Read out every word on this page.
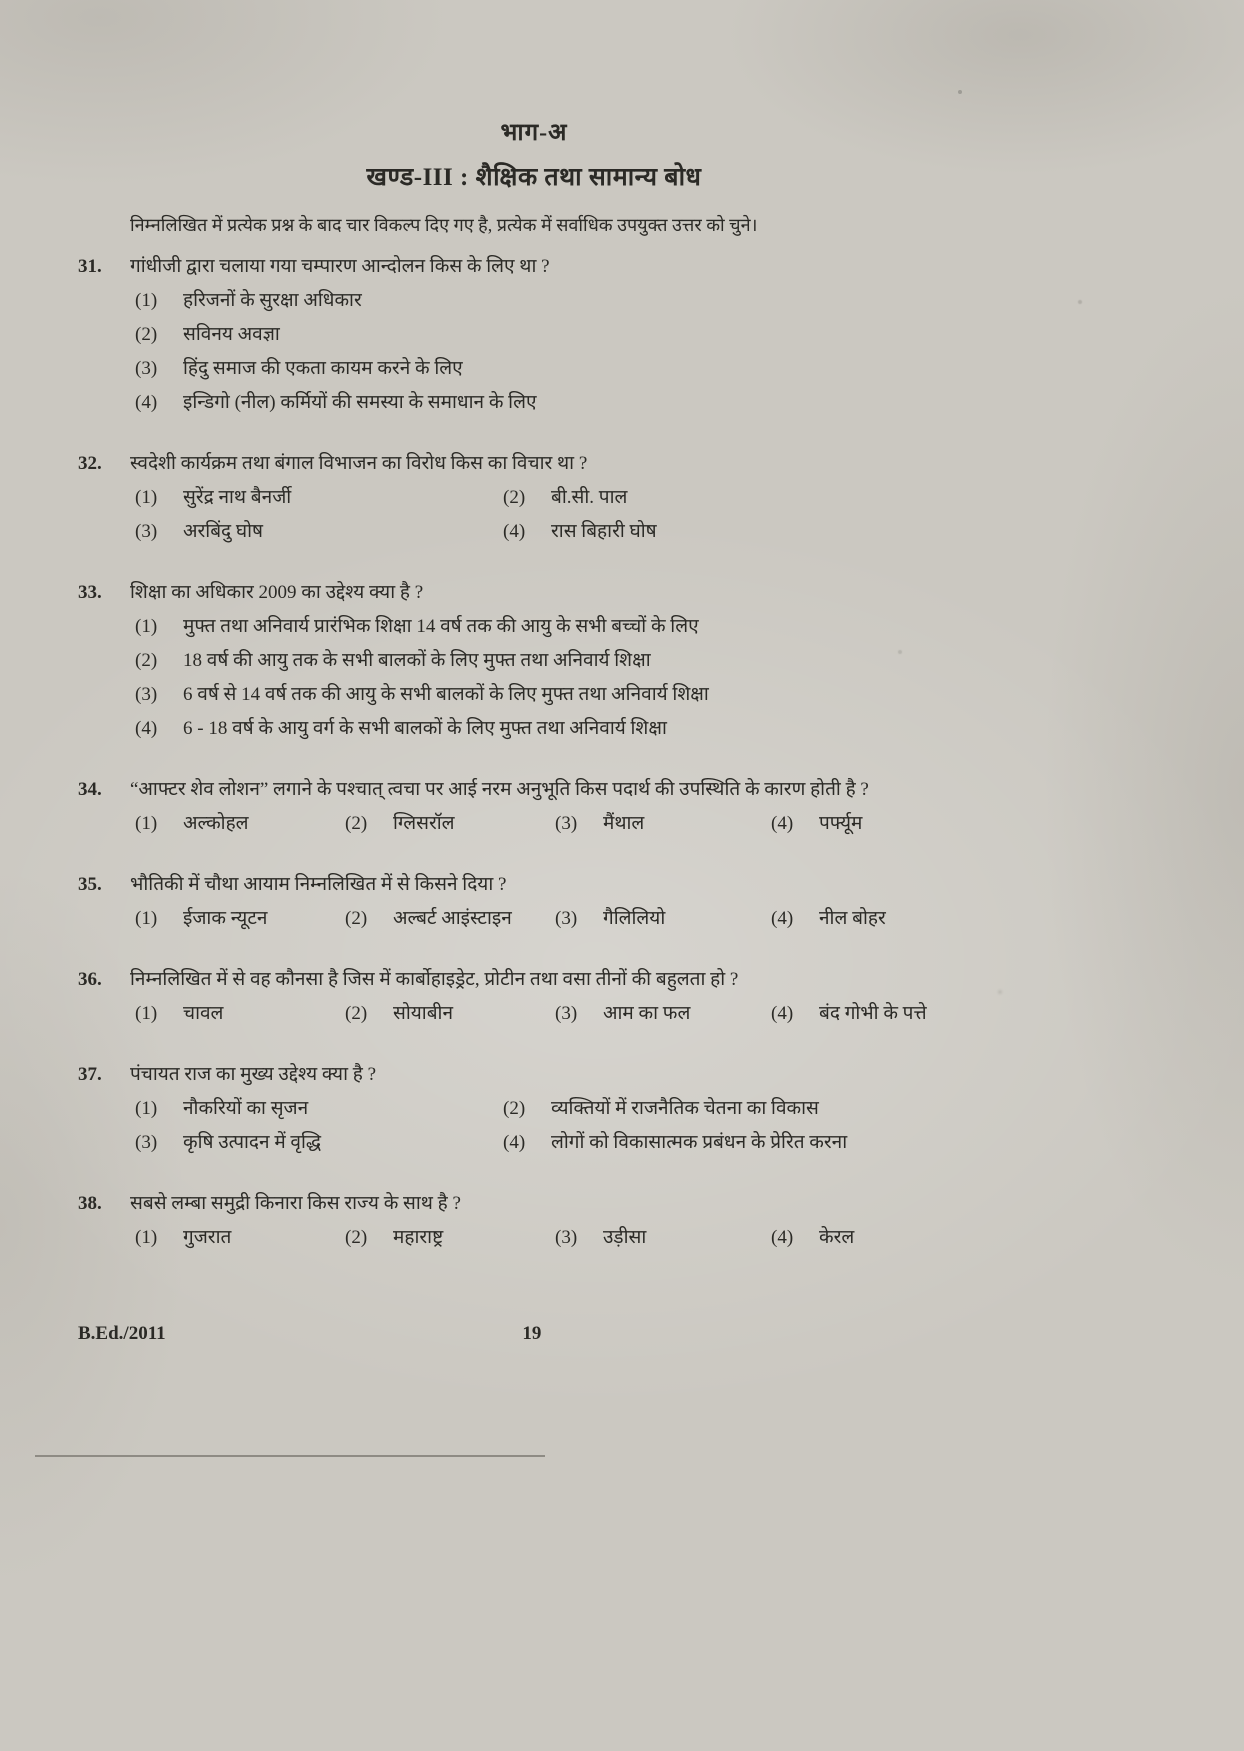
भाग-अ
खण्ड-III : शैक्षिक तथा सामान्य बोध

निम्नलिखित में प्रत्येक प्रश्न के बाद चार विकल्प दिए गए है, प्रत्येक में सर्वाधिक उपयुक्त उत्तर को चुने।

31.	गांधीजी द्वारा चलाया गया चम्पारण आन्दोलन किस के लिए था ?
(1)	हरिजनों के सुरक्षा अधिकार
(2)	सविनय अवज्ञा
(3)	हिंदु समाज की एकता कायम करने के लिए
(4)	इन्डिगो (नील) कर्मियों की समस्या के समाधान के लिए
32.	स्वदेशी कार्यक्रम तथा बंगाल विभाजन का विरोध किस का विचार था ?
(1)	सुरेंद्र नाथ बैनर्जी	(2)	बी.सी. पाल
(3)	अरबिंदु घोष	(4)	रास बिहारी घोष
33.	शिक्षा का अधिकार 2009 का उद्देश्य क्या है ?
(1)	मुफ्त तथा अनिवार्य प्रारंभिक शिक्षा 14 वर्ष तक की आयु के सभी बच्चों के लिए
(2)	18 वर्ष की आयु तक के सभी बालकों के लिए मुफ्त तथा अनिवार्य शिक्षा
(3)	6 वर्ष से 14 वर्ष तक की आयु के सभी बालकों के लिए मुफ्त तथा अनिवार्य शिक्षा
(4)	6 - 18 वर्ष के आयु वर्ग के सभी बालकों के लिए मुफ्त तथा अनिवार्य शिक्षा
34.	“आफ्टर शेव लोशन” लगाने के पश्चात् त्वचा पर आई नरम अनुभूति किस पदार्थ की उपस्थिति के कारण होती है ?
(1)	अल्कोहल	(2)	ग्लिसरॉल	(3)	मैंथाल	(4)	पर्फ्यूम
35.	भौतिकी में चौथा आयाम निम्नलिखित में से किसने दिया ?
(1)	ईजाक न्यूटन	(2)	अल्बर्ट आइंस्टाइन	(3)	गैलिलियो	(4)	नील बोहर
36.	निम्नलिखित में से वह कौनसा है जिस में कार्बोहाइड्रेट, प्रोटीन तथा वसा तीनों की बहुलता हो ?
(1)	चावल	(2)	सोयाबीन	(3)	आम का फल	(4)	बंद गोभी के पत्ते
37.	पंचायत राज का मुख्य उद्देश्य क्या है ?
(1)	नौकरियों का सृजन	(2)	व्यक्तियों में राजनैतिक चेतना का विकास
(3)	कृषि उत्पादन में वृद्धि	(4)	लोगों को विकासात्मक प्रबंधन के प्रेरित करना
38.	सबसे लम्बा समुद्री किनारा किस राज्य के साथ है ?
(1)	गुजरात	(2)	महाराष्ट्र	(3)	उड़ीसा	(4)	केरल
B.Ed./2011	19
